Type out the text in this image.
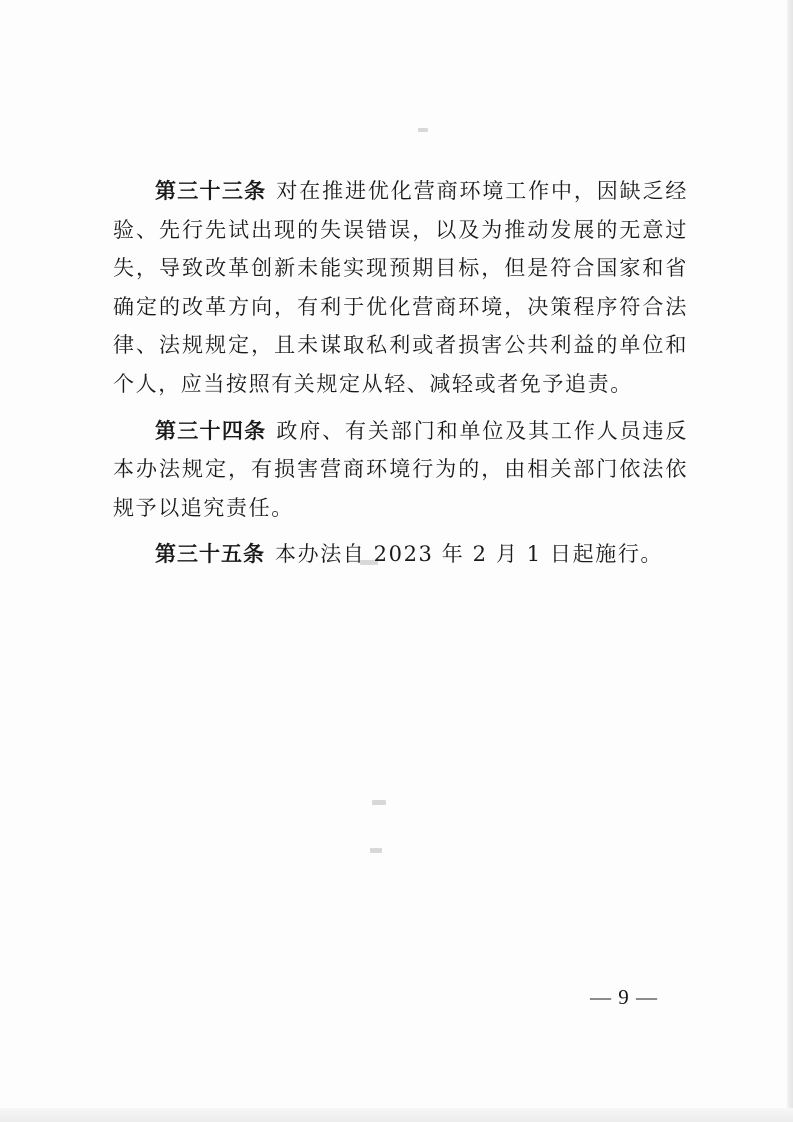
第三十三条 对在推进优化营商环境工作中，因缺乏经验、先行先试出现的失误错误，以及为推动发展的无意过失，导致改革创新未能实现预期目标，但是符合国家和省确定的改革方向，有利于优化营商环境，决策程序符合法律、法规规定，且未谋取私利或者损害公共利益的单位和个人，应当按照有关规定从轻、减轻或者免予追责。

第三十四条 政府、有关部门和单位及其工作人员违反本办法规定，有损害营商环境行为的，由相关部门依法依规予以追究责任。

第三十五条 本办法自 2023 年 2 月 1 日起施行。

— 9 —
